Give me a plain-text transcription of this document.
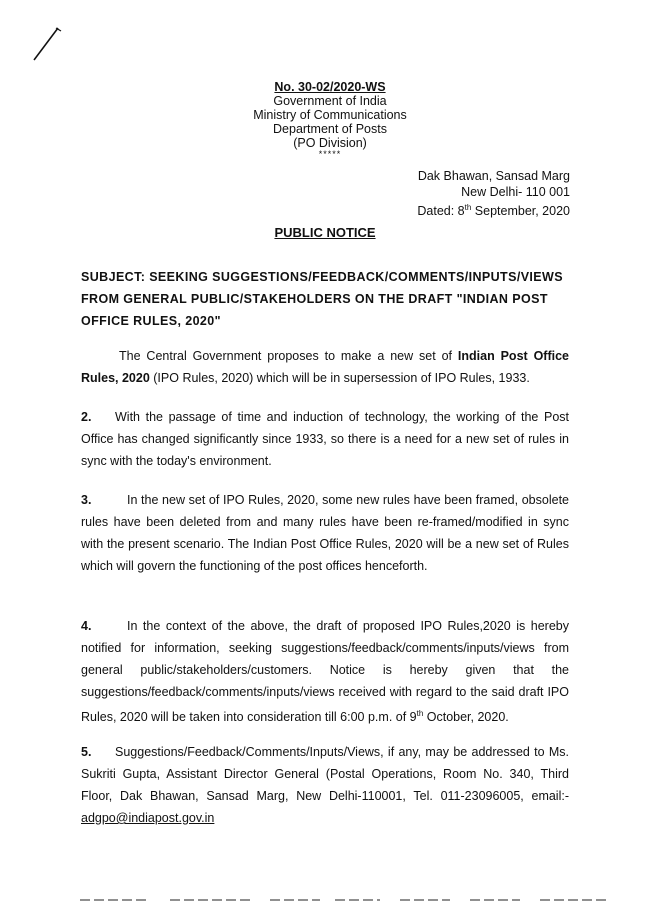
No. 30-02/2020-WS
Government of India
Ministry of Communications
Department of Posts
(PO Division)
*****
Dak Bhawan, Sansad Marg
New Delhi- 110 001
Dated: 8th September, 2020
PUBLIC NOTICE
SUBJECT: SEEKING SUGGESTIONS/FEEDBACK/COMMENTS/INPUTS/VIEWS FROM GENERAL PUBLIC/STAKEHOLDERS ON THE DRAFT "INDIAN POST OFFICE RULES, 2020"
The Central Government proposes to make a new set of Indian Post Office Rules, 2020 (IPO Rules, 2020) which will be in supersession of IPO Rules, 1933.
2. With the passage of time and induction of technology, the working of the Post Office has changed significantly since 1933, so there is a need for a new set of rules in sync with the today's environment.
3.	In the new set of IPO Rules, 2020, some new rules have been framed, obsolete rules have been deleted from and many rules have been re-framed/modified in sync with the present scenario. The Indian Post Office Rules, 2020 will be a new set of Rules which will govern the functioning of the post offices henceforth.
4.	In the context of the above, the draft of proposed IPO Rules,2020 is hereby notified for information, seeking suggestions/feedback/comments/inputs/views from general public/stakeholders/customers. Notice is hereby given that the suggestions/feedback/comments/inputs/views received with regard to the said draft IPO Rules, 2020 will be taken into consideration till 6:00 p.m. of 9th October, 2020.
5. Suggestions/Feedback/Comments/Inputs/Views, if any, may be addressed to Ms. Sukriti Gupta, Assistant Director General (Postal Operations, Room No. 340, Third Floor, Dak Bhawan, Sansad Marg, New Delhi-110001, Tel. 011-23096005, email:- adgpo@indiapost.gov.in
